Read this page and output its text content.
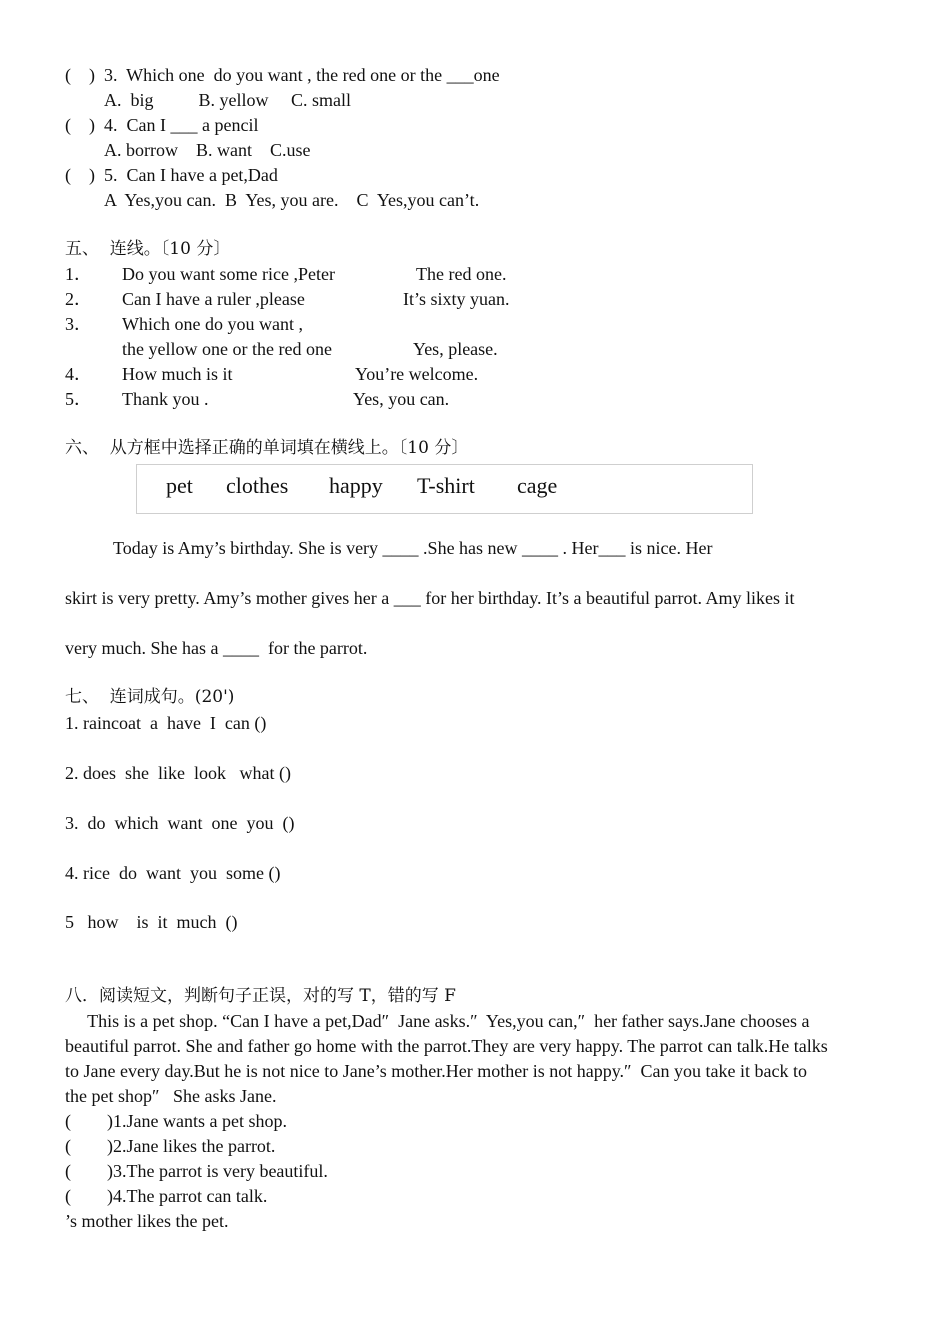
(    )  3.  Which one  do you want , the red one or the ___one
A.  big          B. yellow     C. small
(    )  4.  Can I ___ a pencil
A. borrow    B. want    C.use
(    )  5.  Can I have a pet,Dad
A  Yes,you can.  B  Yes, you are.    C  Yes,you can’t.
五、  连线。〔10 分〕
1． Do you want some rice ,Peter
2． Can I have a ruler ,please
3． Which one do you want ,
the yellow one or the red one
4． How much is it
5． Thank you .
The red one.
It’s sixty yuan.
Yes, please.
You’re welcome.
Yes, you can.
六、  从方框中选择正确的单词填在横线上。〔10 分〕
pet clothes happy T-shirt cage
Today is Amy’s birthday. She is very ____ .She has new ____ . Her___ is nice. Her
skirt is very pretty. Amy’s mother gives her a ___ for her birthday. It’s a beautiful parrot. Amy likes it
very much. She has a ____  for the parrot.
七、  连词成句。(20')
1. raincoat  a  have  I  can ()
2. does  she  like  look   what ()
3.  do  which  want  one  you  ()
4. rice  do  want  you  some ()
5   how    is  it  much  ()
八．阅读短文，判断句子正误，对的写 T，错的写 F
This is a pet shop. “Can I have a pet,Dad″  Jane asks.″  Yes,you can,″  her father says.Jane chooses a
beautiful parrot. She and father go home with the parrot.They are very happy. The parrot can talk.He talks
to Jane every day.But he is not nice to Jane’s mother.Her mother is not happy.″  Can you take it back to
the pet shop″   She asks Jane.
(        )1.Jane wants a pet shop.
(        )2.Jane likes the parrot.
(        )3.The parrot is very beautiful.
(        )4.The parrot can talk.
’s mother likes the pet.
